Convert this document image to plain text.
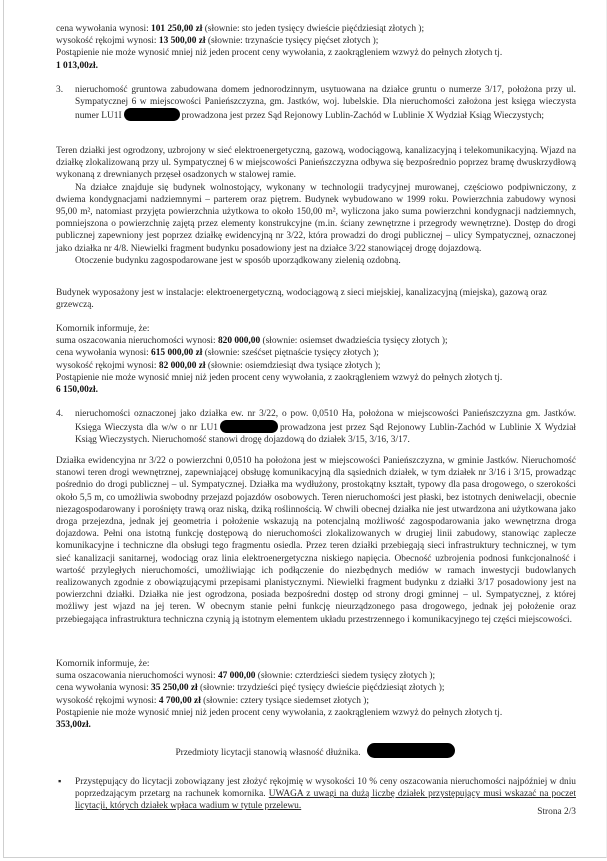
cena wywołania wynosi: 101 250,00 zł (słownie: sto jeden tysięcy dwieście pięćdziesiąt złotych );
wysokość rękojmi wynosi: 13 500,00 zł (słownie: trzynaście tysięcy pięćset złotych );
Postąpienie nie może wynosić mniej niż jeden procent ceny wywołania, z zaokrągleniem wzwyż do pełnych złotych tj.
1 013,00zł.
3. nieruchomość gruntowa zabudowana domem jednorodzinnym, usytuowana na działce gruntu o numerze 3/17, położona przy ul. Sympatycznej 6 w miejscowości Panieńszczyzna, gm. Jastków, woj. lubelskie. Dla nieruchomości założona jest księga wieczysta numer LU1I	prowadzona jest przez Sąd Rejonowy Lublin-Zachód w Lublinie X Wydział Ksiąg Wieczystych;
Teren działki jest ogrodzony, uzbrojony w sieć elektroenergetyczną, gazową, wodociągową, kanalizacyjną i telekomunikacyjną. Wjazd na działkę zlokalizowaną przy ul. Sympatycznej 6 w miejscowości Panieńszczyzna odbywa się bezpośrednio poprzez bramę dwuskrzydłową wykonaną z drewnianych przęseł osadzonych w stalowej ramie.
Na działce znajduje się budynek wolnostojący, wykonany w technologii tradycyjnej murowanej, częściowo podpiwniczony, z dwiema kondygnacjami nadziemnymi – parterem oraz piętrem. Budynek wybudowano w 1999 roku. Powierzchnia zabudowy wynosi 95,00 m², natomiast przyjęta powierzchnia użytkowa to około 150,00 m², wyliczona jako suma powierzchni kondygnacji nadziemnych, pomniejszona o powierzchnię zajętą przez elementy konstrukcyjne (m.in. ściany zewnętrzne i przegrody wewnętrzne). Dostęp do drogi publicznej zapewniony jest poprzez działkę ewidencyjną nr 3/22, która prowadzi do drogi publicznej – ulicy Sympatycznej, oznaczonej jako działka nr 4/8. Niewielki fragment budynku posadowiony jest na działce 3/22 stanowiącej drogę dojazdową.
Otoczenie budynku zagospodarowane jest w sposób uporządkowany zielenią ozdobną.
Budynek wyposażony jest w instalacje: elektroenergetyczną, wodociągową z sieci miejskiej, kanalizacyjną (miejska), gazową oraz grzewczą.
Komornik informuje, że:
suma oszacowania nieruchomości wynosi: 820 000,00 (słownie: osiemset dwadzieścia tysięcy złotych );
cena wywołania wynosi: 615 000,00 zł (słownie: sześćset piętnaście tysięcy złotych );
wysokość rękojmi wynosi: 82 000,00 zł (słownie: osiemdziesiąt dwa tysiące złotych );
Postąpienie nie może wynosić mniej niż jeden procent ceny wywołania, z zaokrągleniem wzwyż do pełnych złotych tj.
6 150,00zł.
4. nieruchomości oznaczonej jako działka ew. nr 3/22, o pow. 0,0510 Ha, położona w miejscowości Panieńszczyzna gm. Jastków. Księga Wieczysta dla w/w o nr LU1	prowadzona jest przez Sąd Rejonowy Lublin-Zachód w Lublinie X Wydział Ksiąg Wieczystych. Nieruchomość stanowi drogę dojazdową do działek 3/15, 3/16, 3/17.
Działka ewidencyjna nr 3/22 o powierzchni 0,0510 ha położona jest w miejscowości Panieńszczyzna, w gminie Jastków. Nieruchomość stanowi teren drogi wewnętrznej, zapewniającej obsługę komunikacyjną dla sąsiednich działek, w tym działek nr 3/16 i 3/15, prowadząc pośrednio do drogi publicznej – ul. Sympatycznej. Działka ma wydłużony, prostokątny kształt, typowy dla pasa drogowego, o szerokości około 5,5 m, co umożliwia swobodny przejazd pojazdów osobowych. Teren nieruchomości jest płaski, bez istotnych deniwelacji, obecnie niezagospodarowany i porośnięty trawą oraz niską, dziką roślinnością. W chwili obecnej działka nie jest utwardzona ani użytkowana jako droga przejezdna, jednak jej geometria i położenie wskazują na potencjalną możliwość zagospodarowania jako wewnętrzna droga dojazdowa. Pełni ona istotną funkcję dostępową do nieruchomości zlokalizowanych w drugiej linii zabudowy, stanowiąc zaplecze komunikacyjne i techniczne dla obsługi tego fragmentu osiedla. Przez teren działki przebiegają sieci infrastruktury technicznej, w tym sieć kanalizacji sanitarnej, wodociąg oraz linia elektroenergetyczna niskiego napięcia. Obecność uzbrojenia podnosi funkcjonalność i wartość przyległych nieruchomości, umożliwiając ich podłączenie do niezbędnych mediów w ramach inwestycji budowlanych realizowanych zgodnie z obowiązującymi przepisami planistycznymi. Niewielki fragment budynku z działki 3/17 posadowiony jest na powierzchni działki. Działka nie jest ogrodzona, posiada bezpośredni dostęp od strony drogi gminnej – ul. Sympatycznej, z której możliwy jest wjazd na jej teren. W obecnym stanie pełni funkcję nieurządzonego pasa drogowego, jednak jej położenie oraz przebiegająca infrastruktura techniczna czynią ją istotnym elementem układu przestrzennego i komunikacyjnego tej części miejscowości.
Komornik informuje, że:
suma oszacowania nieruchomości wynosi: 47 000,00 (słownie: czterdzieści siedem tysięcy złotych );
cena wywołania wynosi: 35 250,00 zł (słownie: trzydzieści pięć tysięcy dwieście pięćdziesiąt złotych );
wysokość rękojmi wynosi: 4 700,00 zł (słownie: cztery tysiące siedemset złotych );
Postąpienie nie może wynosić mniej niż jeden procent ceny wywołania, z zaokrągleniem wzwyż do pełnych złotych tj.
353,00zł.
Przedmioty licytacji stanowią własność dłużnika.
▪ Przystępujący do licytacji zobowiązany jest złożyć rękojmię w wysokości 10 % ceny oszacowania nieruchomości najpóźniej w dniu poprzedzającym przetarg na rachunek komornika. UWAGA z uwagi na dużą liczbę działek przystępujący musi wskazać na poczet licytacji, których działek wpłaca wadium w tytule przelewu.
Strona 2/3
